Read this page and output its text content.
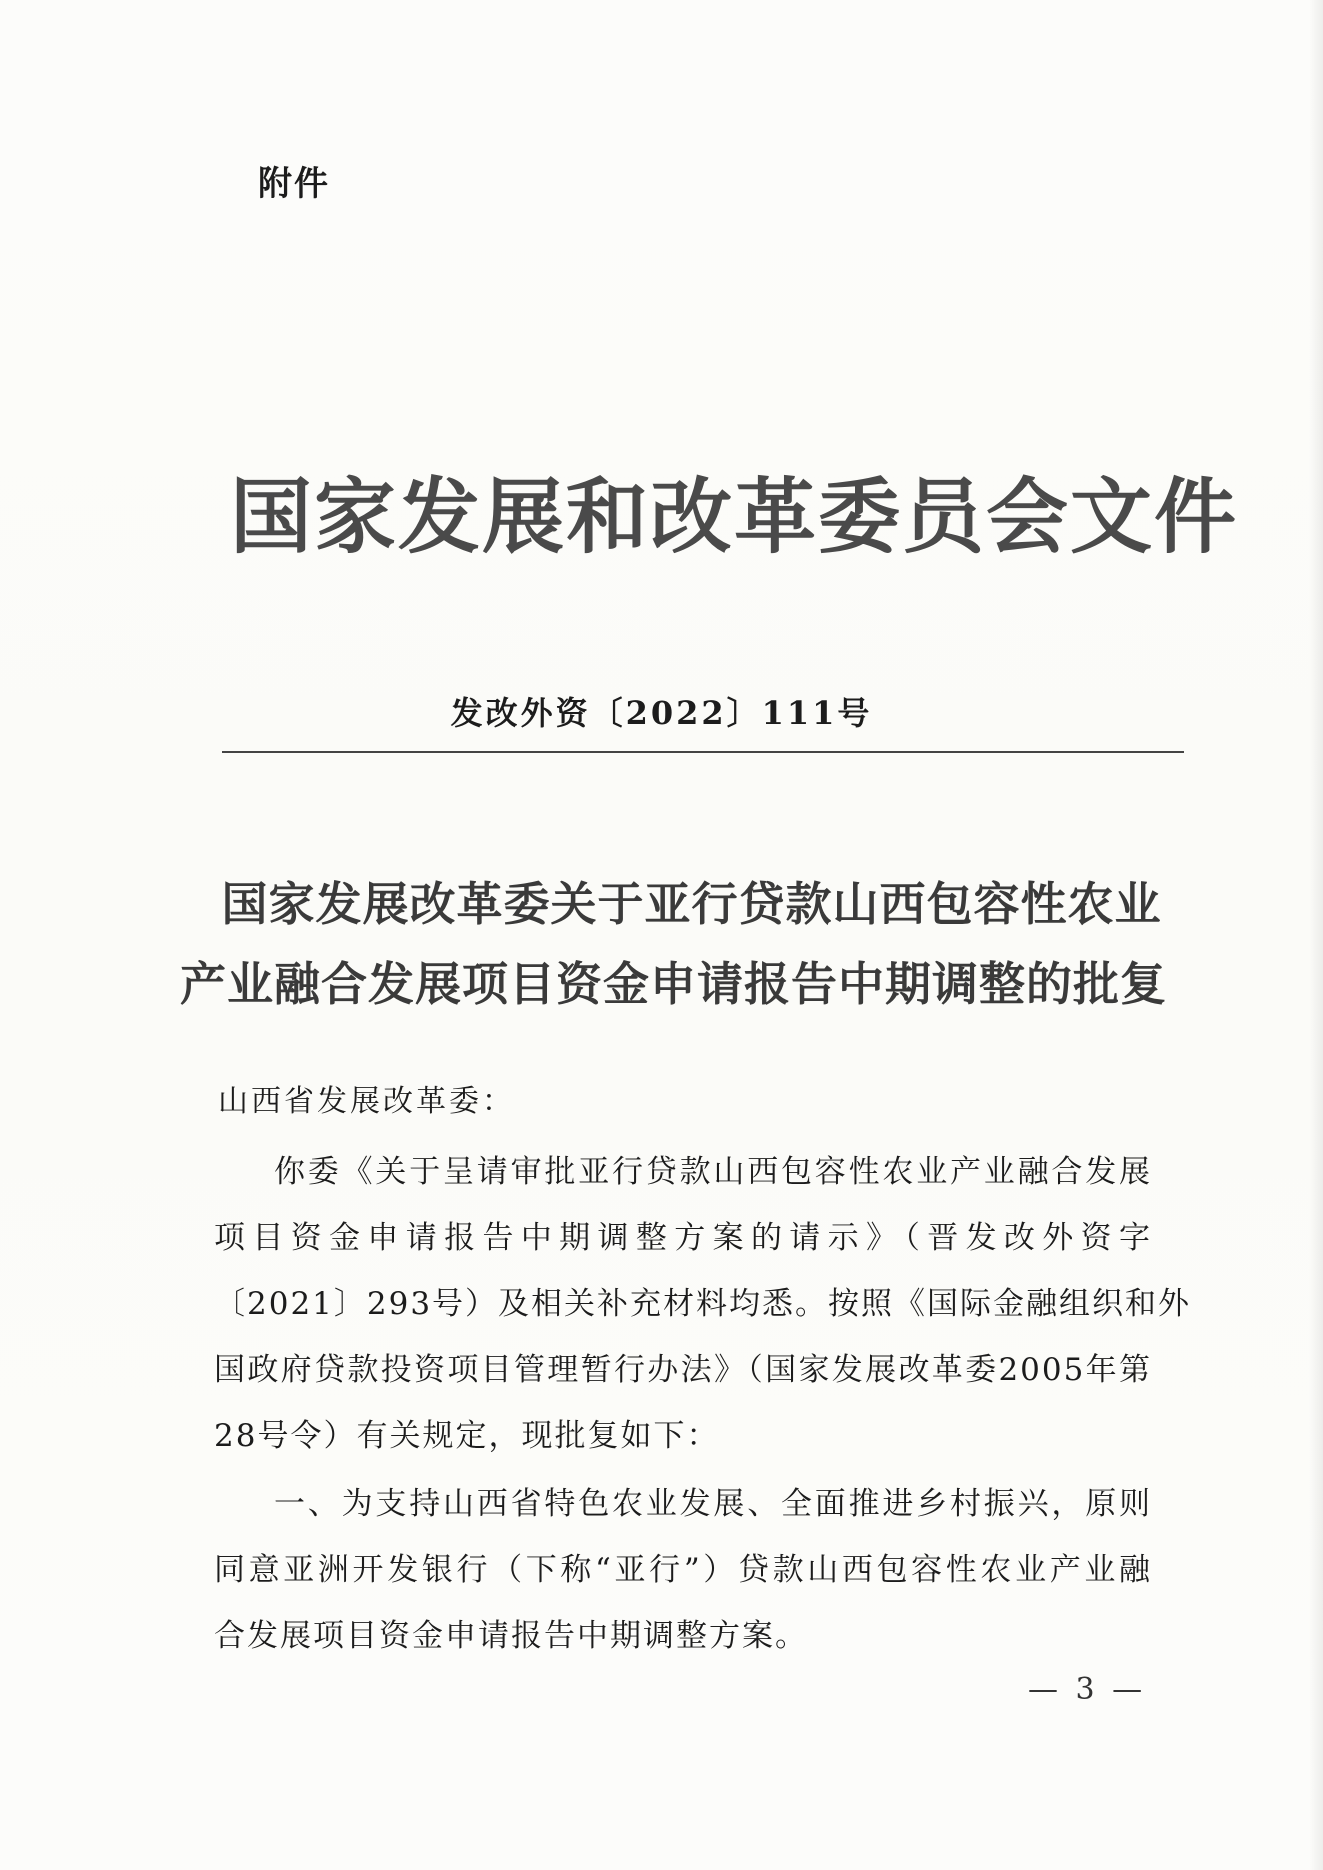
附件
国家发展和改革委员会文件
发改外资〔2022〕111号
国家发展改革委关于亚行贷款山西包容性农业
产业融合发展项目资金申请报告中期调整的批复
山西省发展改革委：
你委《关于呈请审批亚行贷款山西包容性农业产业融合发展
项目资金申请报告中期调整方案的请示》（晋发改外资字
〔2021〕293号）及相关补充材料均悉。按照《国际金融组织和外
国政府贷款投资项目管理暂行办法》（国家发展改革委2005年第
28号令）有关规定，现批复如下：
一、为支持山西省特色农业发展、全面推进乡村振兴，原则
同意亚洲开发银行（下称“亚行”）贷款山西包容性农业产业融
合发展项目资金申请报告中期调整方案。
— 3 —
